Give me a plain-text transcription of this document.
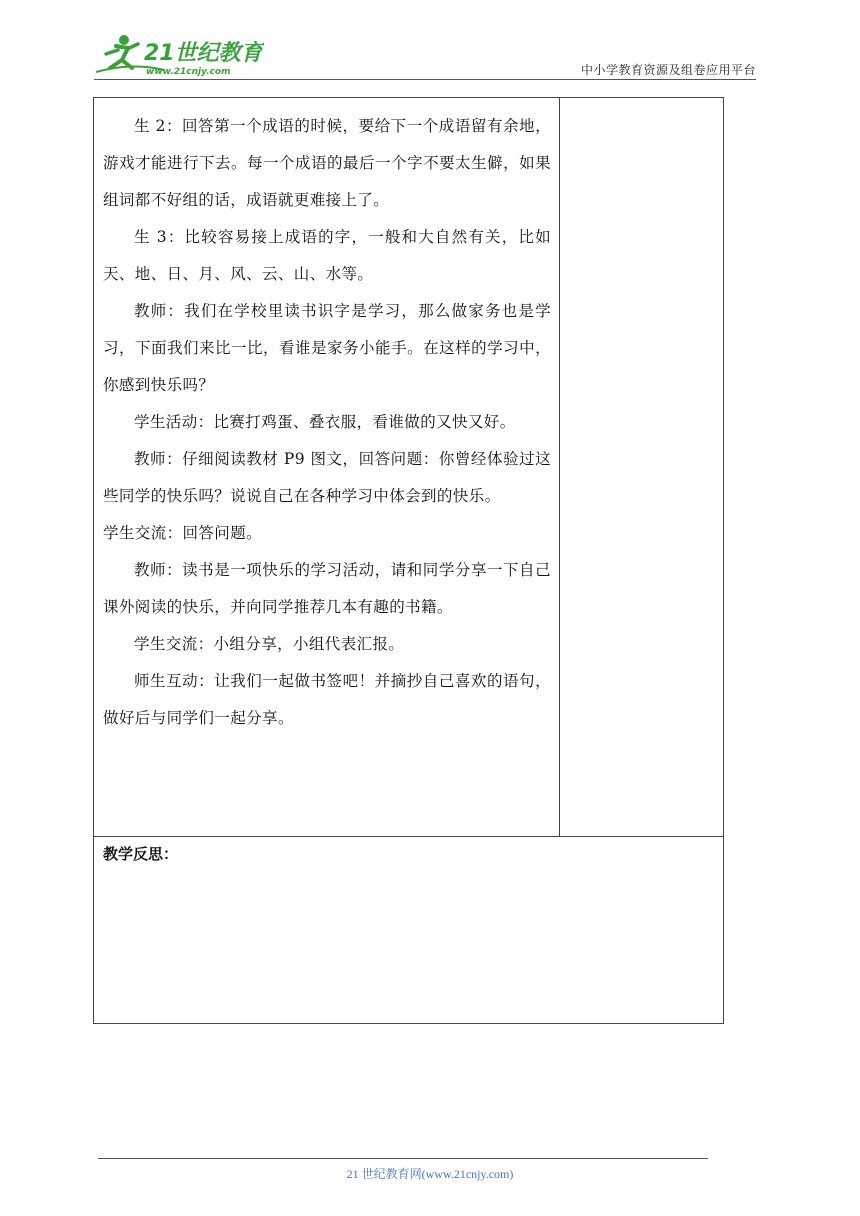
21世纪教育
www.21cnjy.com	中小学教育资源及组卷应用平台

生 2：回答第一个成语的时候，要给下一个成语留有余地，游戏才能进行下去。每一个成语的最后一个字不要太生僻，如果组词都不好组的话，成语就更难接上了。

生 3：比较容易接上成语的字，一般和大自然有关，比如天、地、日、月、风、云、山、水等。

教师：我们在学校里读书识字是学习，那么做家务也是学习，下面我们来比一比，看谁是家务小能手。在这样的学习中，你感到快乐吗？

学生活动：比赛打鸡蛋、叠衣服，看谁做的又快又好。

教师：仔细阅读教材 P9 图文，回答问题：你曾经体验过这些同学的快乐吗？说说自己在各种学习中体会到的快乐。

学生交流：回答问题。

教师：读书是一项快乐的学习活动，请和同学分享一下自己课外阅读的快乐，并向同学推荐几本有趣的书籍。

学生交流：小组分享，小组代表汇报。

师生互动：让我们一起做书签吧！并摘抄自己喜欢的语句，做好后与同学们一起分享。

教学反思：
21 世纪教育网(www.21cnjy.com)
